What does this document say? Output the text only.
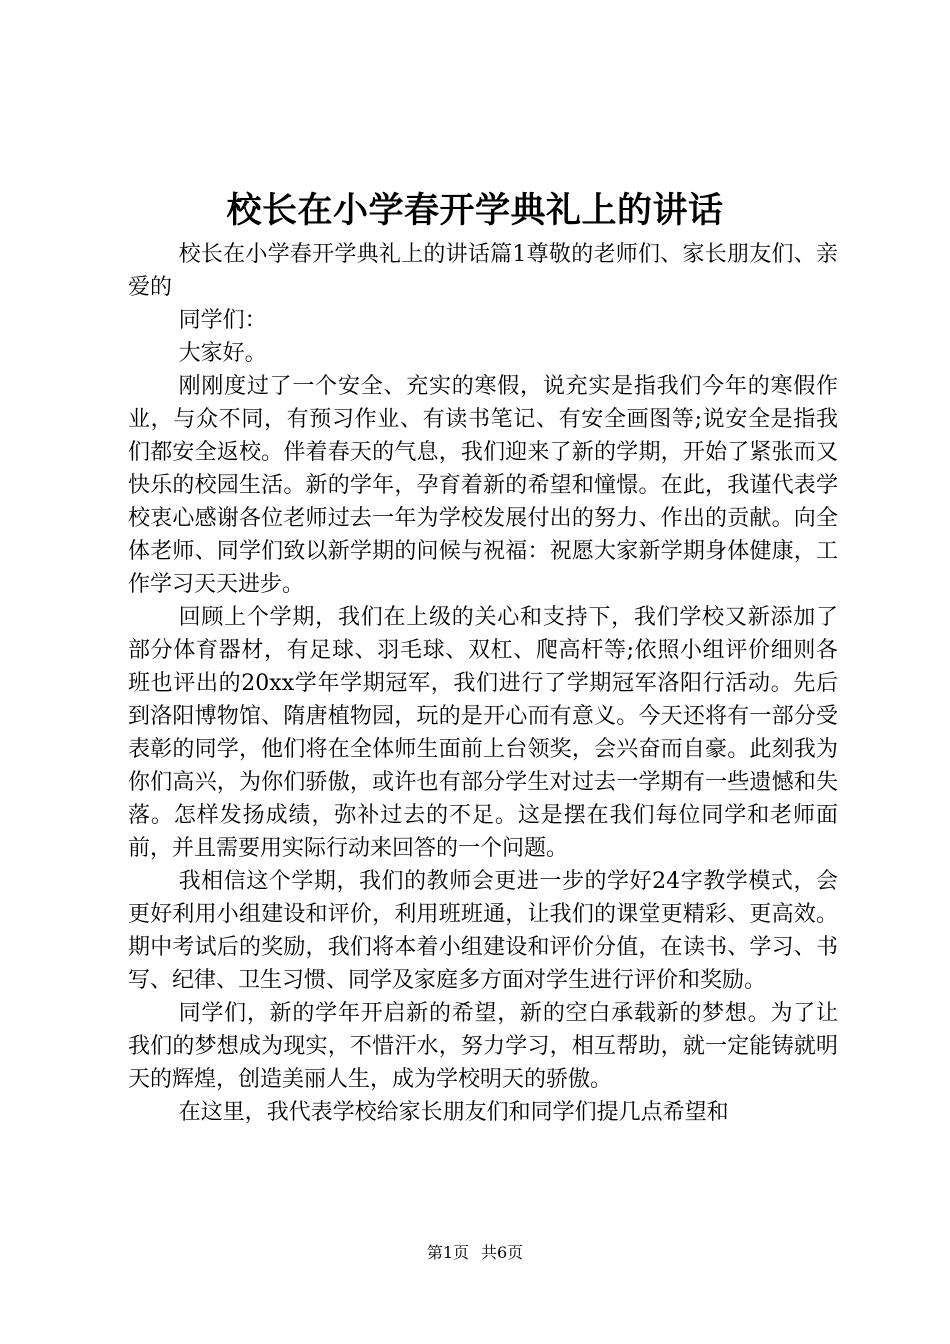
校长在小学春开学典礼上的讲话

校长在小学春开学典礼上的讲话篇1尊敬的老师们、家长朋友们、亲爱的

同学们：

大家好。

刚刚度过了一个安全、充实的寒假，说充实是指我们今年的寒假作业，与众不同，有预习作业、有读书笔记、有安全画图等;说安全是指我们都安全返校。伴着春天的气息，我们迎来了新的学期，开始了紧张而又快乐的校园生活。新的学年，孕育着新的希望和憧憬。在此，我谨代表学校衷心感谢各位老师过去一年为学校发展付出的努力、作出的贡献。向全体老师、同学们致以新学期的问候与祝福：祝愿大家新学期身体健康，工作学习天天进步。

回顾上个学期，我们在上级的关心和支持下，我们学校又新添加了部分体育器材，有足球、羽毛球、双杠、爬高杆等;依照小组评价细则各班也评出的20xx学年学期冠军，我们进行了学期冠军洛阳行活动。先后到洛阳博物馆、隋唐植物园，玩的是开心而有意义。今天还将有一部分受表彰的同学，他们将在全体师生面前上台领奖，会兴奋而自豪。此刻我为你们高兴，为你们骄傲，或许也有部分学生对过去一学期有一些遗憾和失落。怎样发扬成绩，弥补过去的不足。这是摆在我们每位同学和老师面前，并且需要用实际行动来回答的一个问题。

我相信这个学期，我们的教师会更进一步的学好24字教学模式，会更好利用小组建设和评价，利用班班通，让我们的课堂更精彩、更高效。期中考试后的奖励，我们将本着小组建设和评价分值，在读书、学习、书写、纪律、卫生习惯、同学及家庭多方面对学生进行评价和奖励。

同学们，新的学年开启新的希望，新的空白承载新的梦想。为了让我们的梦想成为现实，不惜汗水，努力学习，相互帮助，就一定能铸就明天的辉煌，创造美丽人生，成为学校明天的骄傲。

在这里，我代表学校给家长朋友们和同学们提几点希望和

第1页 共6页
